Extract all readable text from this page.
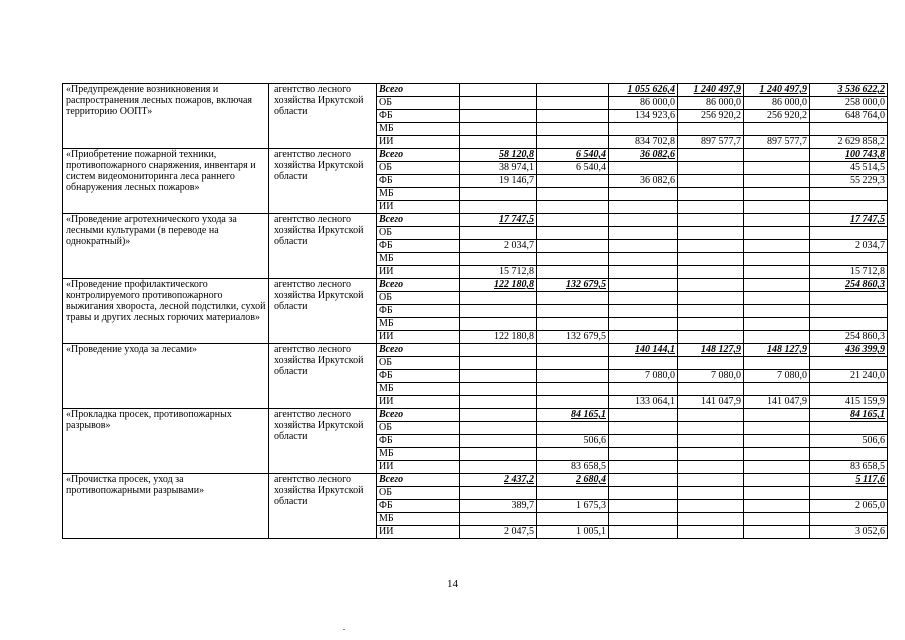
«Предупреждение возникновения и распространения лесных пожаров, включая территорию ООПТ»	агентство лесного хозяйства Иркутской области	Всего			1 055 626,4	1 240 497,9	1 240 497,9	3 536 622,2
		ОБ			86 000,0	86 000,0	86 000,0	258 000,0
		ФБ			134 923,6	256 920,2	256 920,2	648 764,0
		МБ						
		ИИ			834 702,8	897 577,7	897 577,7	2 629 858,2
«Приобретение пожарной техники, противопожарного снаряжения, инвентаря и систем видеомониторинга леса раннего обнаружения лесных пожаров»	агентство лесного хозяйства Иркутской области	Всего	58 120,8	6 540,4	36 082,6			100 743,8
		ОБ	38 974,1	6 540,4				45 514,5
		ФБ	19 146,7		36 082,6			55 229,3
		МБ						
		ИИ						
«Проведение агротехнического ухода за лесными культурами (в переводе на однократный)»	агентство лесного хозяйства Иркутской области	Всего	17 747,5					17 747,5
		ОБ						
		ФБ	2 034,7					2 034,7
		МБ						
		ИИ	15 712,8					15 712,8
«Проведение профилактического контролируемого противопожарного выжигания хвороста, лесной подстилки, сухой травы и других лесных горючих материалов»	агентство лесного хозяйства Иркутской области	Всего	122 180,8	132 679,5				254 860,3
		ОБ						
		ФБ						
		МБ						
		ИИ	122 180,8	132 679,5				254 860,3
«Проведение ухода за лесами»	агентство лесного хозяйства Иркутской области	Всего			140 144,1	148 127,9	148 127,9	436 399,9
		ОБ						
		ФБ			7 080,0	7 080,0	7 080,0	21 240,0
		МБ						
		ИИ			133 064,1	141 047,9	141 047,9	415 159,9
«Прокладка просек, противопожарных разрывов»	агентство лесного хозяйства Иркутской области	Всего		84 165,1				84 165,1
		ОБ						
		ФБ		506,6				506,6
		МБ						
		ИИ		83 658,5				83 658,5
«Прочистка просек, уход за противопожарными разрывами»	агентство лесного хозяйства Иркутской области	Всего	2 437,2	2 680,4				5 117,6
		ОБ						
		ФБ	389,7	1 675,3				2 065,0
		МБ						
		ИИ	2 047,5	1 005,1				3 052,6
14
